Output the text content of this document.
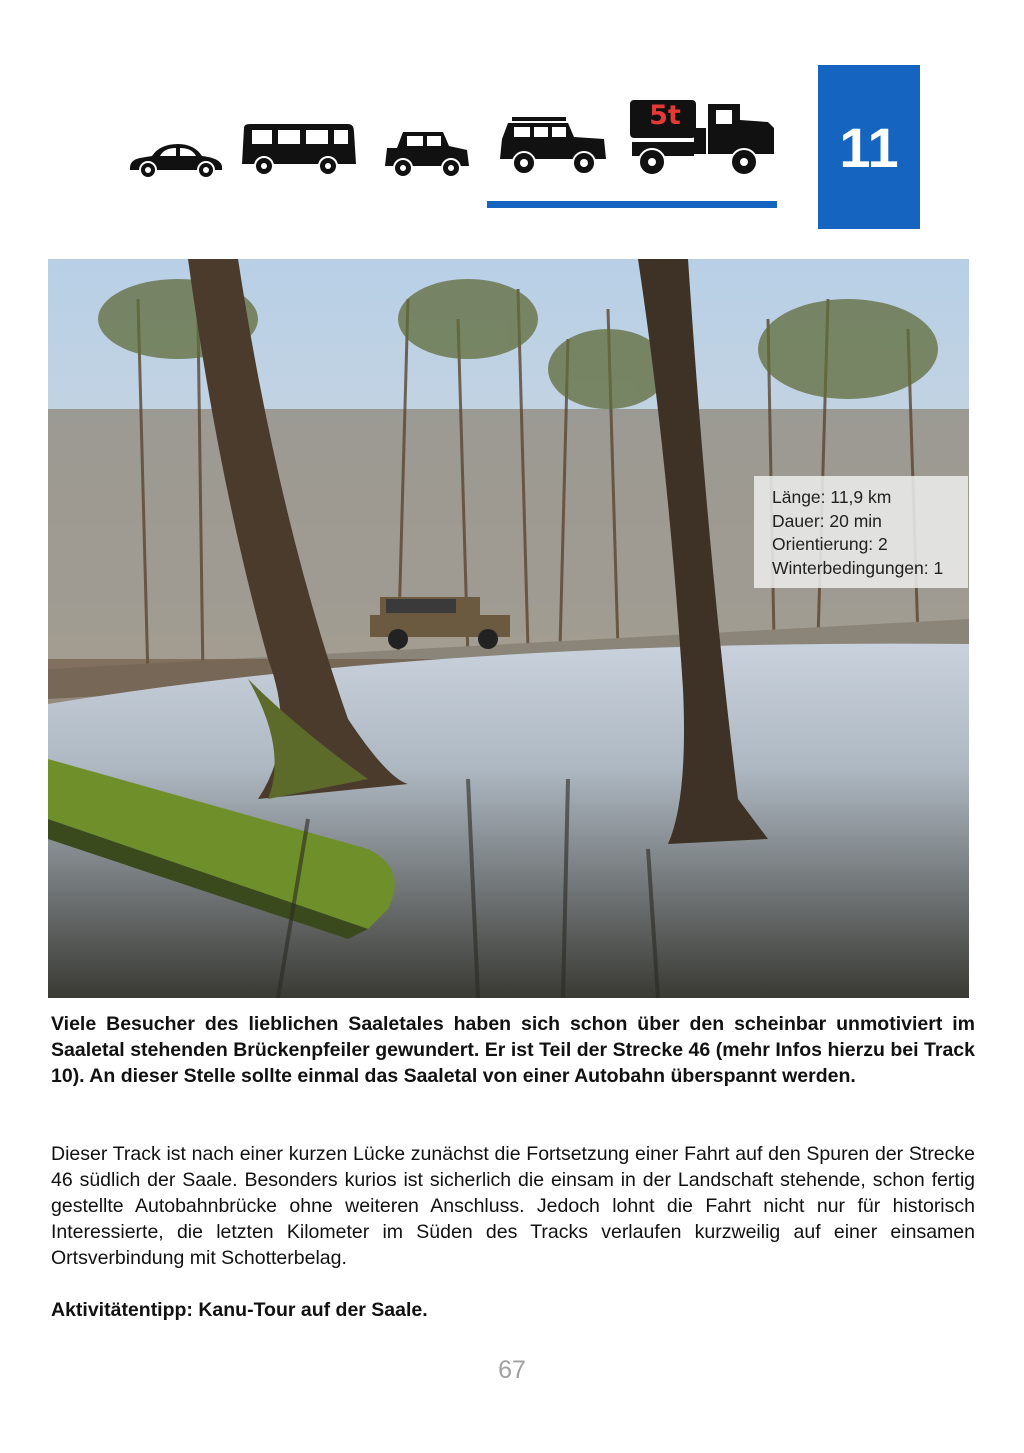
5t	11
Länge: 11,9 km
Dauer: 20 min
Orientierung: 2
Winterbedingungen: 1
Viele Besucher des lieblichen Saaletales haben sich schon über den scheinbar unmotiviert im Saaletal stehenden Brückenpfeiler gewundert. Er ist Teil der Strecke 46 (mehr Infos hierzu bei Track 10). An dieser Stelle sollte einmal das Saaletal von einer Autobahn überspannt werden.
Dieser Track ist nach einer kurzen Lücke zunächst die Fortsetzung einer Fahrt auf den Spuren der Strecke 46 südlich der Saale. Besonders kurios ist sicherlich die einsam in der Landschaft stehende, schon fertig gestellte Autobahnbrücke ohne weiteren Anschluss. Jedoch lohnt die Fahrt nicht nur für historisch Interessierte, die letzten Kilometer im Süden des Tracks verlaufen kurzweilig auf einer einsamen Ortsverbindung mit Schotterbelag.
Aktivitätentipp: Kanu-Tour auf der Saale.
67
